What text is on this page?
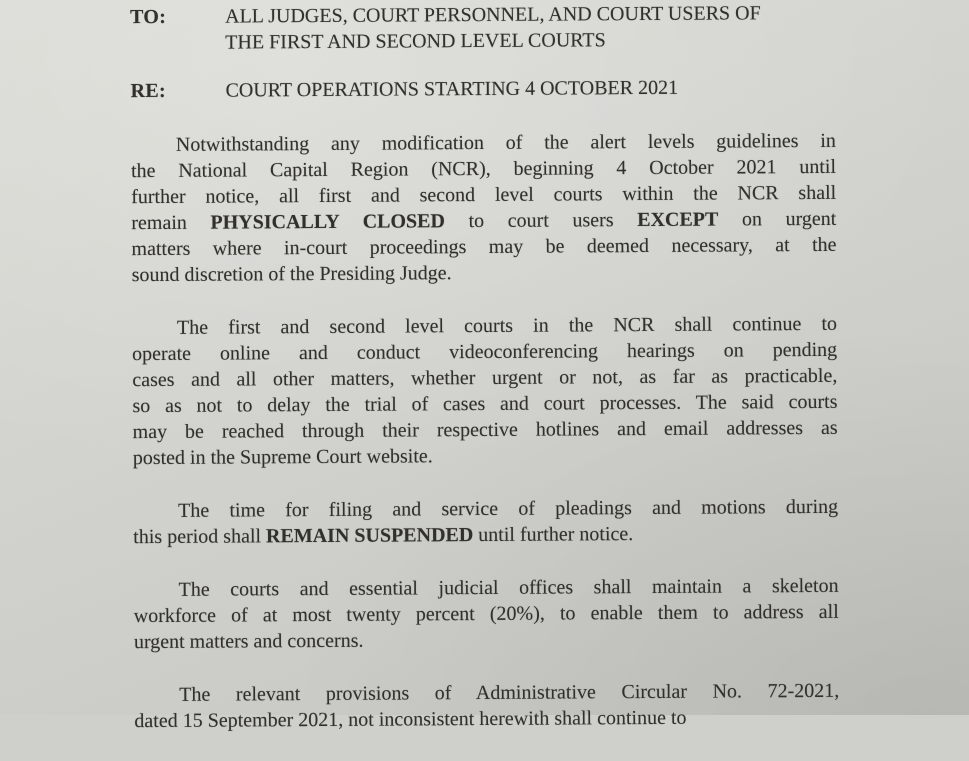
TO:	ALL JUDGES, COURT PERSONNEL, AND COURT USERS OF
THE FIRST AND SECOND LEVEL COURTS
RE:	COURT OPERATIONS STARTING 4 OCTOBER 2021
Notwithstanding any modification of the alert levels guidelines in
the National Capital Region (NCR), beginning 4 October 2021 until
further notice, all first and second level courts within the NCR shall
remain PHYSICALLY CLOSED to court users EXCEPT on urgent
matters where in-court proceedings may be deemed necessary, at the
sound discretion of the Presiding Judge.
The first and second level courts in the NCR shall continue to
operate online and conduct videoconferencing hearings on pending
cases and all other matters, whether urgent or not, as far as practicable,
so as not to delay the trial of cases and court processes. The said courts
may be reached through their respective hotlines and email addresses as
posted in the Supreme Court website.
The time for filing and service of pleadings and motions during
this period shall REMAIN SUSPENDED until further notice.
The courts and essential judicial offices shall maintain a skeleton
workforce of at most twenty percent (20%), to enable them to address all
urgent matters and concerns.
The relevant provisions of Administrative Circular No. 72-2021,
dated 15 September 2021, not inconsistent herewith shall continue to
